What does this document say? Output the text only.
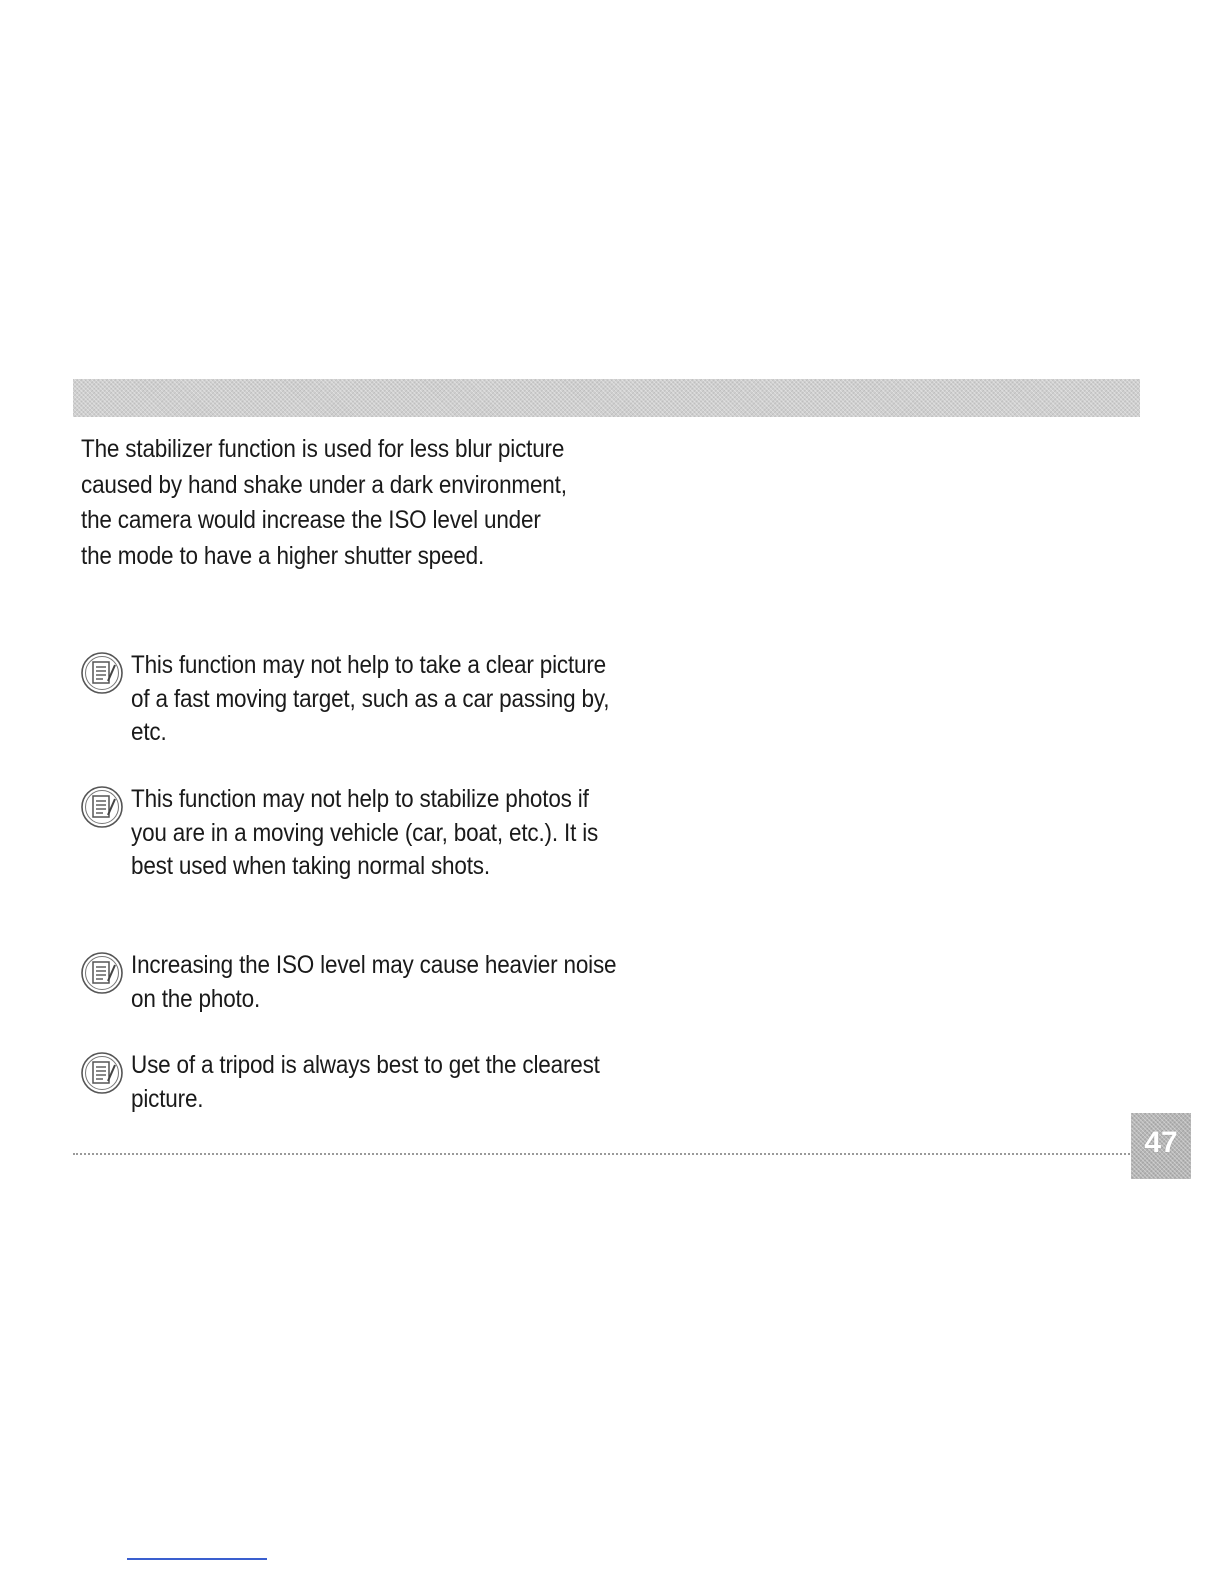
The stabilizer function is used for less blur picture caused by hand shake under a dark environment, the camera would increase the ISO level under the mode to have a higher shutter speed.

This function may not help to take a clear picture of a fast moving target, such as a car passing by, etc.

This function may not help to stabilize photos if you are in a moving vehicle (car, boat, etc.). It is best used when taking normal shots.

Increasing the ISO level may cause heavier noise on the photo.

Use of a tripod is always best to get the clearest picture.

47
